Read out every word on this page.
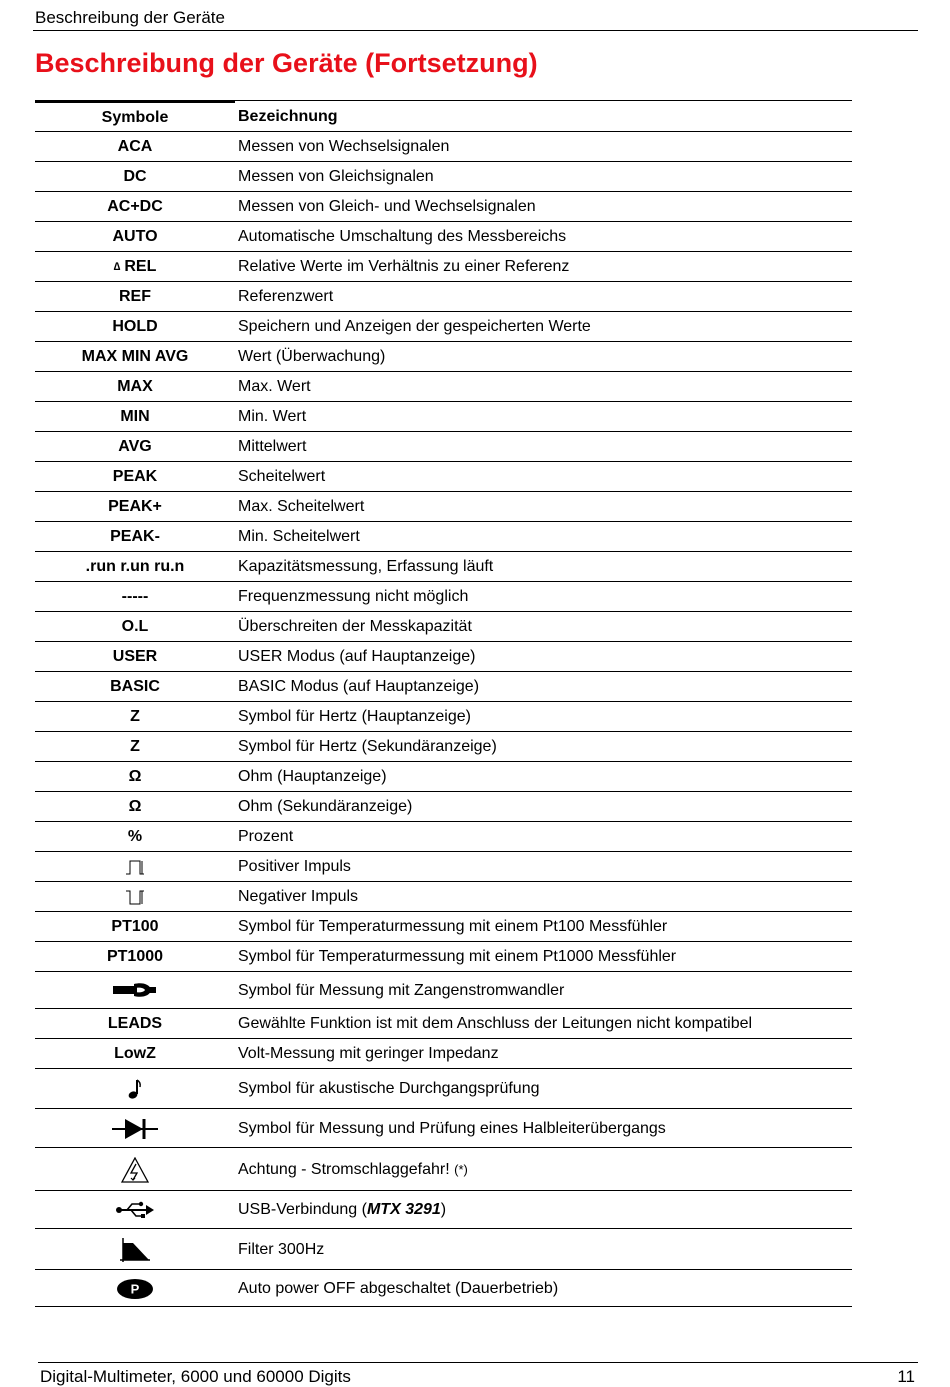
Beschreibung der Geräte
Beschreibung der Geräte (Fortsetzung)
Symbole	Bezeichnung
ACA	Messen von Wechselsignalen
DC	Messen von Gleichsignalen
AC+DC	Messen von Gleich- und Wechselsignalen
AUTO	Automatische Umschaltung des Messbereichs
∆ REL	Relative Werte im Verhältnis zu einer Referenz
REF	Referenzwert
HOLD	Speichern und Anzeigen der gespeicherten Werte
MAX MIN AVG	Wert (Überwachung)
MAX	Max. Wert
MIN	Min. Wert
AVG	Mittelwert
PEAK	Scheitelwert
PEAK+	Max. Scheitelwert
PEAK-	Min. Scheitelwert
.run r.un ru.n	Kapazitätsmessung, Erfassung läuft
-----	Frequenzmessung nicht möglich
O.L	Überschreiten der Messkapazität
USER	USER Modus (auf Hauptanzeige)
BASIC	BASIC Modus (auf Hauptanzeige)
Z	Symbol für Hertz (Hauptanzeige)
Z	Symbol für Hertz (Sekundäranzeige)
Ω	Ohm (Hauptanzeige)
Ω	Ohm (Sekundäranzeige)
%	Prozent
Positiver Impuls
Negativer Impuls
PT100	Symbol für Temperaturmessung mit einem Pt100 Messfühler
PT1000	Symbol für Temperaturmessung mit einem Pt1000 Messfühler
Symbol für Messung mit Zangenstromwandler
LEADS	Gewählte Funktion ist mit dem Anschluss der Leitungen nicht kompatibel
LowZ	Volt-Messung mit geringer Impedanz
Symbol für akustische Durchgangsprüfung
Symbol für Messung und Prüfung eines Halbleiterübergangs
Achtung - Stromschlaggefahr! (*)
USB-Verbindung ( MTX 3291 )
Filter 300Hz
P	Auto power OFF abgeschaltet (Dauerbetrieb)
Digital-Multimeter, 6000 und 60000 Digits	11
